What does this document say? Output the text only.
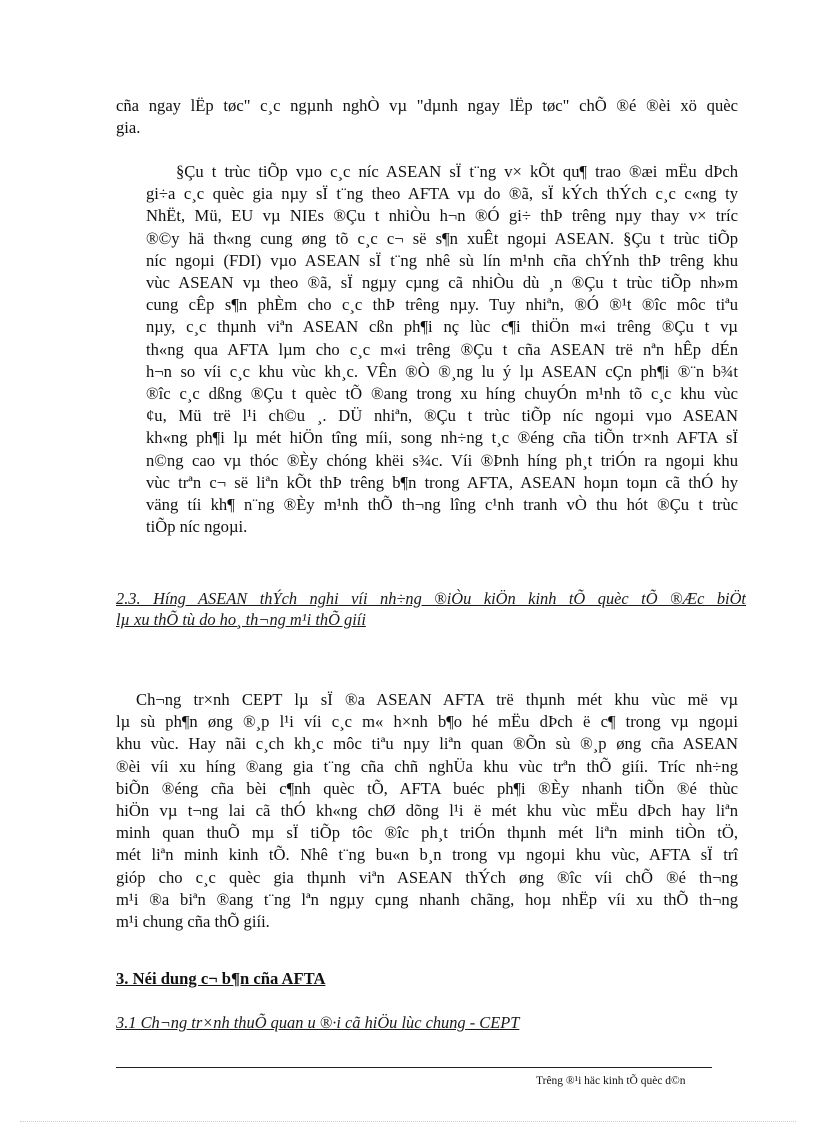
cña ngay lËp tøc" c¸c ngµnh nghÒ vµ "dµnh ngay lËp tøc" chÕ ®é ®èi xö quèc
gia.

§Çu t trùc tiÕp vµo c¸c níc ASEAN sÏ t¨ng v× kÕt qu¶ trao ®æi mËu dÞch
gi÷a c¸c quèc gia nµy sÏ t¨ng theo AFTA vµ do ®ã, sÏ kÝch thÝch c¸c c«ng ty
NhËt, Mü, EU vµ NIEs ®Çu t nhiÒu h¬n ®Ó gi÷ thÞ trêng nµy thay v× tríc
®©y hä th«ng cung øng tõ c¸c c¬ së s¶n xuÊt ngoµi ASEAN. §Çu t trùc tiÕp
níc ngoµi (FDI) vµo ASEAN sÏ t¨ng nhê sù lín m¹nh cña chÝnh thÞ trêng khu
vùc ASEAN vµ theo ®ã, sÏ ngµy cµng cã nhiÒu dù ¸n ®Çu t trùc tiÕp nh»m
cung cÊp s¶n phÈm cho c¸c thÞ trêng nµy. Tuy nhiªn, ®Ó ®¹t ®îc môc tiªu
nµy, c¸c thµnh viªn ASEAN cßn ph¶i nç lùc c¶i thiÖn m«i trêng ®Çu t vµ
th«ng qua AFTA lµm cho c¸c m«i trêng ®Çu t cña ASEAN trë nªn hÊp dÉn
h¬n so víi c¸c khu vùc kh¸c. VÊn ®Ò ®¸ng lu ý lµ ASEAN cÇn ph¶i ®¨n b¾t
®îc c¸c dßng ®Çu t quèc tÕ ®ang trong xu híng chuyÓn m¹nh tõ c¸c khu vùc
¢u, Mü trë l¹i ch©u ¸. DÜ nhiªn, ®Çu t trùc tiÕp níc ngoµi vµo ASEAN
kh«ng ph¶i lµ mét hiÖn tîng míi, song nh÷ng t¸c ®éng cña tiÕn tr×nh AFTA sÏ
n©ng cao vµ thóc ®Èy chóng khëi s¾c. Víi ®Þnh híng ph¸t triÓn ra ngoµi khu
vùc trªn c¬ së liªn kÕt thÞ trêng b¶n trong AFTA, ASEAN hoµn toµn cã thÓ hy
väng tíi kh¶ n¨ng ®Èy m¹nh thÕ th¬ng lîng c¹nh tranh vÒ thu hót ®Çu t trùc
tiÕp níc ngoµi.

2.3. Híng ASEAN thÝch nghi víi nh÷ng ®iÒu kiÖn kinh tÕ quèc tÕ ®Æc biÖt
lµ xu thÕ tù do ho¸ th¬ng m¹i thÕ giíi

Ch¬ng tr×nh CEPT lµ sÏ ®a ASEAN AFTA trë thµnh mét khu vùc më vµ
lµ sù ph¶n øng ®¸p l¹i víi c¸c m« h×nh b¶o hé mËu dÞch ë c¶ trong vµ ngoµi
khu vùc. Hay nãi c¸ch kh¸c môc tiªu nµy liªn quan ®Õn sù ®¸p øng cña ASEAN
®èi víi xu híng ®ang gia t¨ng cña chñ nghÜa khu vùc trªn thÕ giíi. Tríc nh÷ng
biÕn ®éng cña bèi c¶nh quèc tÕ, AFTA buéc ph¶i ®Èy nhanh tiÕn ®é thùc
hiÖn vµ t¬ng lai cã thÓ kh«ng chØ dõng l¹i ë mét khu vùc mËu dÞch hay liªn
minh quan thuÕ mµ sÏ tiÕp tôc ®îc ph¸t triÓn thµnh mét liªn minh tiÒn tÖ,
mét liªn minh kinh tÕ. Nhê t¨ng bu«n b¸n trong vµ ngoµi khu vùc, AFTA sÏ trî
gióp cho c¸c quèc gia thµnh viªn ASEAN thÝch øng ®îc víi chÕ ®é th¬ng
m¹i ®a biªn ®ang t¨ng lªn ngµy cµng nhanh chãng, hoµ nhËp víi xu thÕ th¬ng
m¹i chung cña thÕ giíi.

3. Néi dung c¬ b¶n cña AFTA
3.1 Ch¬ng tr×nh thuÕ quan u ®·i cã hiÖu lùc chung - CEPT
Trêng ®¹i häc kinh tÕ quèc d©n
